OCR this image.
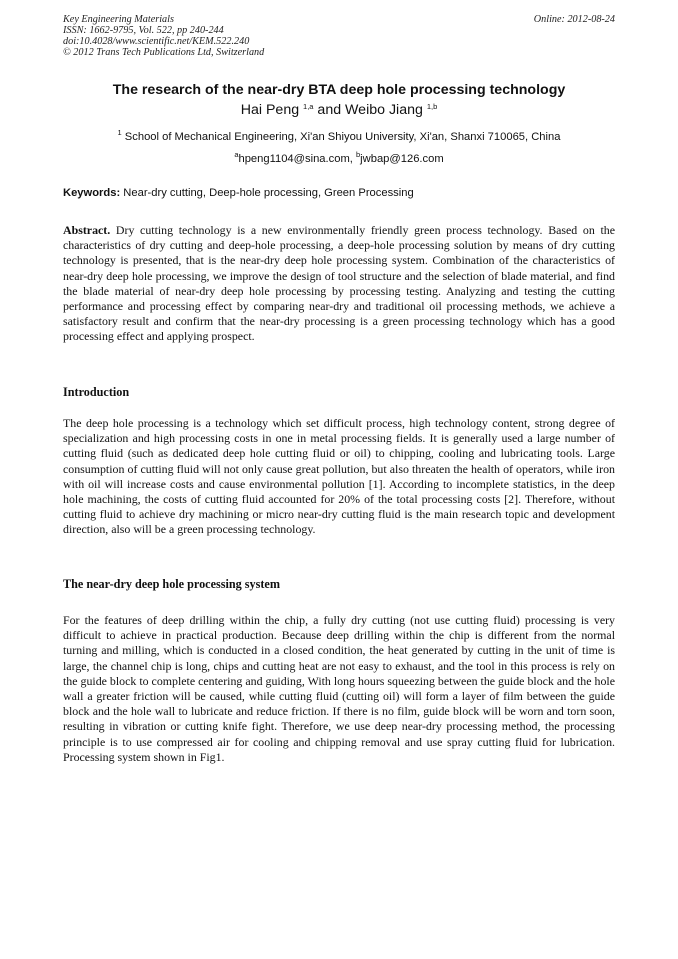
Key Engineering Materials
ISSN: 1662-9795, Vol. 522, pp 240-244
doi:10.4028/www.scientific.net/KEM.522.240
© 2012 Trans Tech Publications Ltd, Switzerland
Online: 2012-08-24
The research of the near-dry BTA deep hole processing technology
Hai Peng $^{1,a}$ and Weibo Jiang $^{1,b}$
$^1$ School of Mechanical Engineering, Xi'an Shiyou University, Xi'an, Shanxi 710065, China
$^a$hpeng1104@sina.com, $^b$jwbap@126.com
Keywords: Near-dry cutting, Deep-hole processing, Green Processing
Abstract. Dry cutting technology is a new environmentally friendly green process technology. Based on the characteristics of dry cutting and deep-hole processing, a deep-hole processing solution by means of dry cutting technology is presented, that is the near-dry deep hole processing system. Combination of the characteristics of near-dry deep hole processing, we improve the design of tool structure and the selection of blade material, and find the blade material of near-dry deep hole processing by processing testing. Analyzing and testing the cutting performance and processing effect by comparing near-dry and traditional oil processing methods, we achieve a satisfactory result and confirm that the near-dry processing is a green processing technology which has a good processing effect and applying prospect.
Introduction

The deep hole processing is a technology which set difficult process, high technology content, strong degree of specialization and high processing costs in one in metal processing fields. It is generally used a large number of cutting fluid (such as dedicated deep hole cutting fluid or oil) to chipping, cooling and lubricating tools. Large consumption of cutting fluid will not only cause great pollution, but also threaten the health of operators, while iron with oil will increase costs and cause environmental pollution [1]. According to incomplete statistics, in the deep hole machining, the costs of cutting fluid accounted for 20% of the total processing costs [2]. Therefore, without cutting fluid to achieve dry machining or micro near-dry cutting fluid is the main research topic and development direction, also will be a green processing technology.

The near-dry deep hole processing system

For the features of deep drilling within the chip, a fully dry cutting (not use cutting fluid) processing is very difficult to achieve in practical production. Because deep drilling within the chip is different from the normal turning and milling, which is conducted in a closed condition, the heat generated by cutting in the unit of time is large, the channel chip is long, chips and cutting heat are not easy to exhaust, and the tool in this process is rely on the guide block to complete centering and guiding, With long hours squeezing between the guide block and the hole wall a greater friction will be caused, while cutting fluid (cutting oil) will form a layer of film between the guide block and the hole wall to lubricate and reduce friction. If there is no film, guide block will be worn and torn soon, resulting in vibration or cutting knife fight. Therefore, we use deep near-dry processing method, the processing principle is to use compressed air for cooling and chipping removal and use spray cutting fluid for lubrication. Processing system shown in Fig1.
